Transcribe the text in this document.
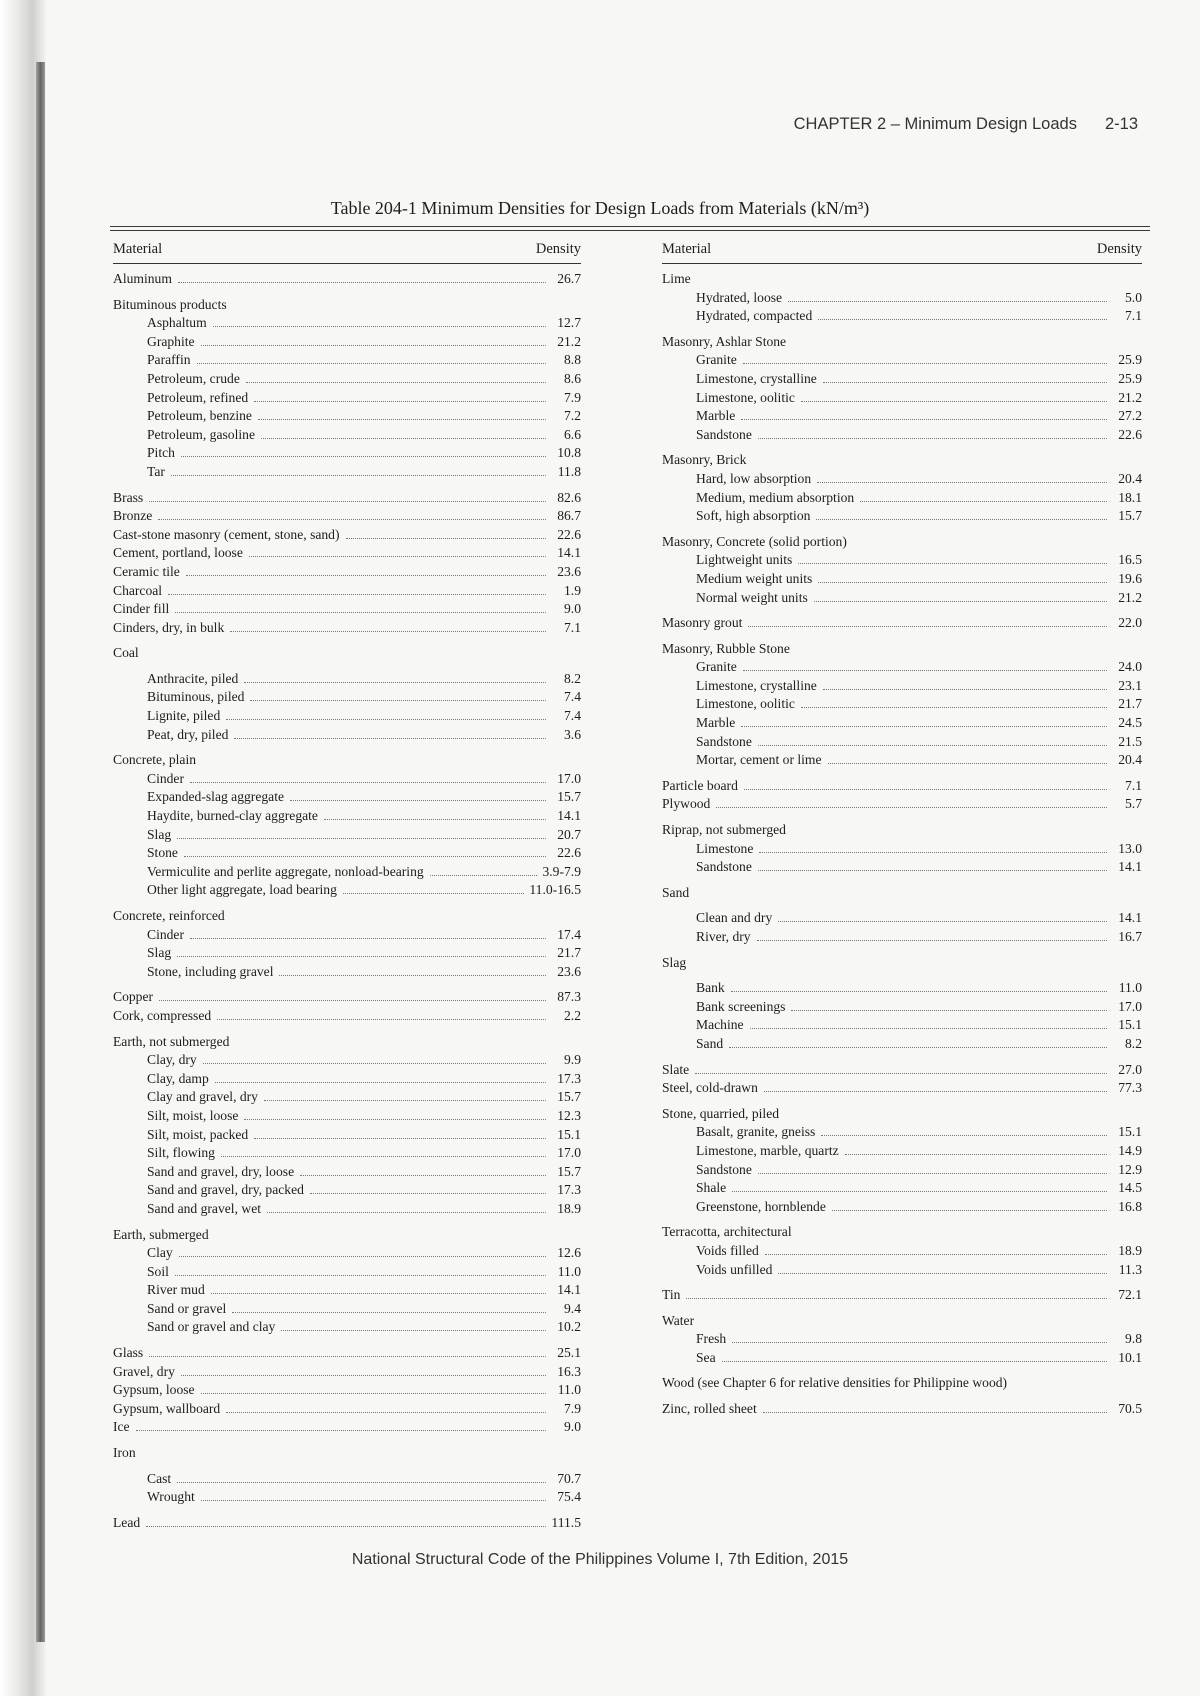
CHAPTER 2 – Minimum Design Loads 2-13
Table 204-1 Minimum Densities for Design Loads from Materials (kN/m³)
Material	Density
Aluminum	26.7
Bituminous products
Asphaltum	12.7
Graphite	21.2
Paraffin	8.8
Petroleum, crude	8.6
Petroleum, refined	7.9
Petroleum, benzine	7.2
Petroleum, gasoline	6.6
Pitch	10.8
Tar	11.8
Brass	82.6
Bronze	86.7
Cast-stone masonry (cement, stone, sand)	22.6
Cement, portland, loose	14.1
Ceramic tile	23.6
Charcoal	1.9
Cinder fill	9.0
Cinders, dry, in bulk	7.1
Coal
Anthracite, piled	8.2
Bituminous, piled	7.4
Lignite, piled	7.4
Peat, dry, piled	3.6
Concrete, plain
Cinder	17.0
Expanded-slag aggregate	15.7
Haydite, burned-clay aggregate	14.1
Slag	20.7
Stone	22.6
Vermiculite and perlite aggregate, nonload-bearing	3.9-7.9
Other light aggregate, load bearing	11.0-16.5
Concrete, reinforced
Cinder	17.4
Slag	21.7
Stone, including gravel	23.6
Copper	87.3
Cork, compressed	2.2
Earth, not submerged
Clay, dry	9.9
Clay, damp	17.3
Clay and gravel, dry	15.7
Silt, moist, loose	12.3
Silt, moist, packed	15.1
Silt, flowing	17.0
Sand and gravel, dry, loose	15.7
Sand and gravel, dry, packed	17.3
Sand and gravel, wet	18.9
Earth, submerged
Clay	12.6
Soil	11.0
River mud	14.1
Sand or gravel	9.4
Sand or gravel and clay	10.2
Glass	25.1
Gravel, dry	16.3
Gypsum, loose	11.0
Gypsum, wallboard	7.9
Ice	9.0
Iron
Cast	70.7
Wrought	75.4
Lead	111.5
Material	Density
Lime
Hydrated, loose	5.0
Hydrated, compacted	7.1
Masonry, Ashlar Stone
Granite	25.9
Limestone, crystalline	25.9
Limestone, oolitic	21.2
Marble	27.2
Sandstone	22.6
Masonry, Brick
Hard, low absorption	20.4
Medium, medium absorption	18.1
Soft, high absorption	15.7
Masonry, Concrete (solid portion)
Lightweight units	16.5
Medium weight units	19.6
Normal weight units	21.2
Masonry grout	22.0
Masonry, Rubble Stone
Granite	24.0
Limestone, crystalline	23.1
Limestone, oolitic	21.7
Marble	24.5
Sandstone	21.5
Mortar, cement or lime	20.4
Particle board	7.1
Plywood	5.7
Riprap, not submerged
Limestone	13.0
Sandstone	14.1
Sand
Clean and dry	14.1
River, dry	16.7
Slag
Bank	11.0
Bank screenings	17.0
Machine	15.1
Sand	8.2
Slate	27.0
Steel, cold-drawn	77.3
Stone, quarried, piled
Basalt, granite, gneiss	15.1
Limestone, marble, quartz	14.9
Sandstone	12.9
Shale	14.5
Greenstone, hornblende	16.8
Terracotta, architectural
Voids filled	18.9
Voids unfilled	11.3
Tin	72.1
Water
Fresh	9.8
Sea	10.1
Wood (see Chapter 6 for relative densities for Philippine wood)
Zinc, rolled sheet	70.5
National Structural Code of the Philippines Volume I, 7th Edition, 2015
